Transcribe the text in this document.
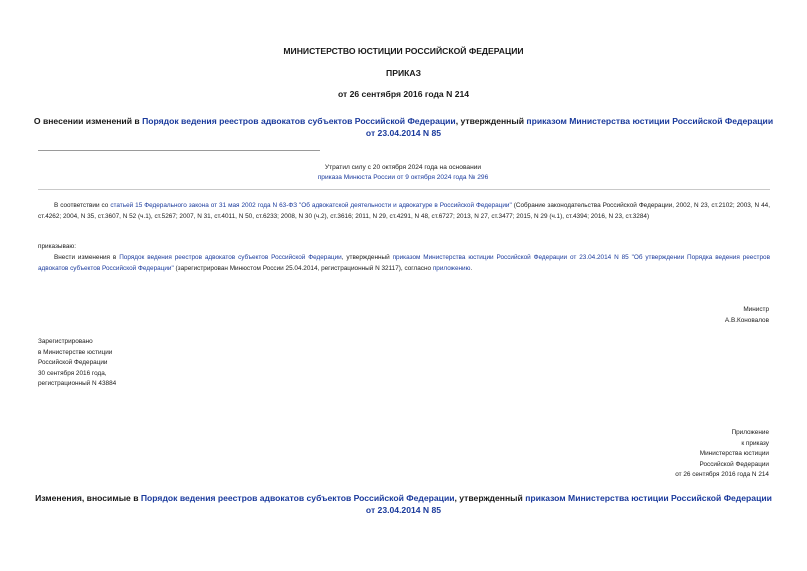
МИНИСТЕРСТВО ЮСТИЦИИ РОССИЙСКОЙ ФЕДЕРАЦИИ
ПРИКАЗ
от 26 сентября 2016 года N 214
О внесении изменений в Порядок ведения реестров адвокатов субъектов Российской Федерации, утвержденный приказом Министерства юстиции Российской Федерации от 23.04.2014 N 85
Утратил силу с 20 октября 2024 года на основании
приказа Минюста России от 9 октября 2024 года № 296
В соответствии со статьей 15 Федерального закона от 31 мая 2002 года N 63-ФЗ "Об адвокатской деятельности и адвокатуре в Российской Федерации" (Собрание законодательства Российской Федерации, 2002, N 23, ст.2102; 2003, N 44, ст.4262; 2004, N 35, ст.3607, N 52 (ч.1), ст.5267; 2007, N 31, ст.4011, N 50, ст.6233; 2008, N 30 (ч.2), ст.3616; 2011, N 29, ст.4291, N 48, ст.6727; 2013, N 27, ст.3477; 2015, N 29 (ч.1), ст.4394; 2016, N 23, ст.3284)
приказываю:
Внести изменения в Порядок ведения реестров адвокатов субъектов Российской Федерации, утвержденный приказом Министерства юстиции Российской Федерации от 23.04.2014 N 85 "Об утверждении Порядка ведения реестров адвокатов субъектов Российской Федерации" (зарегистрирован Минюстом России 25.04.2014, регистрационный N 32117), согласно приложению.
Министр
А.В.Коновалов
Зарегистрировано
в Министерстве юстиции
Российской Федерации
30 сентября 2016 года,
регистрационный N 43884
Приложение
к приказу
Министерства юстиции
Российской Федерации
от 26 сентября 2016 года N 214
Изменения, вносимые в Порядок ведения реестров адвокатов субъектов Российской Федерации, утвержденный приказом Министерства юстиции Российской Федерации от 23.04.2014 N 85
